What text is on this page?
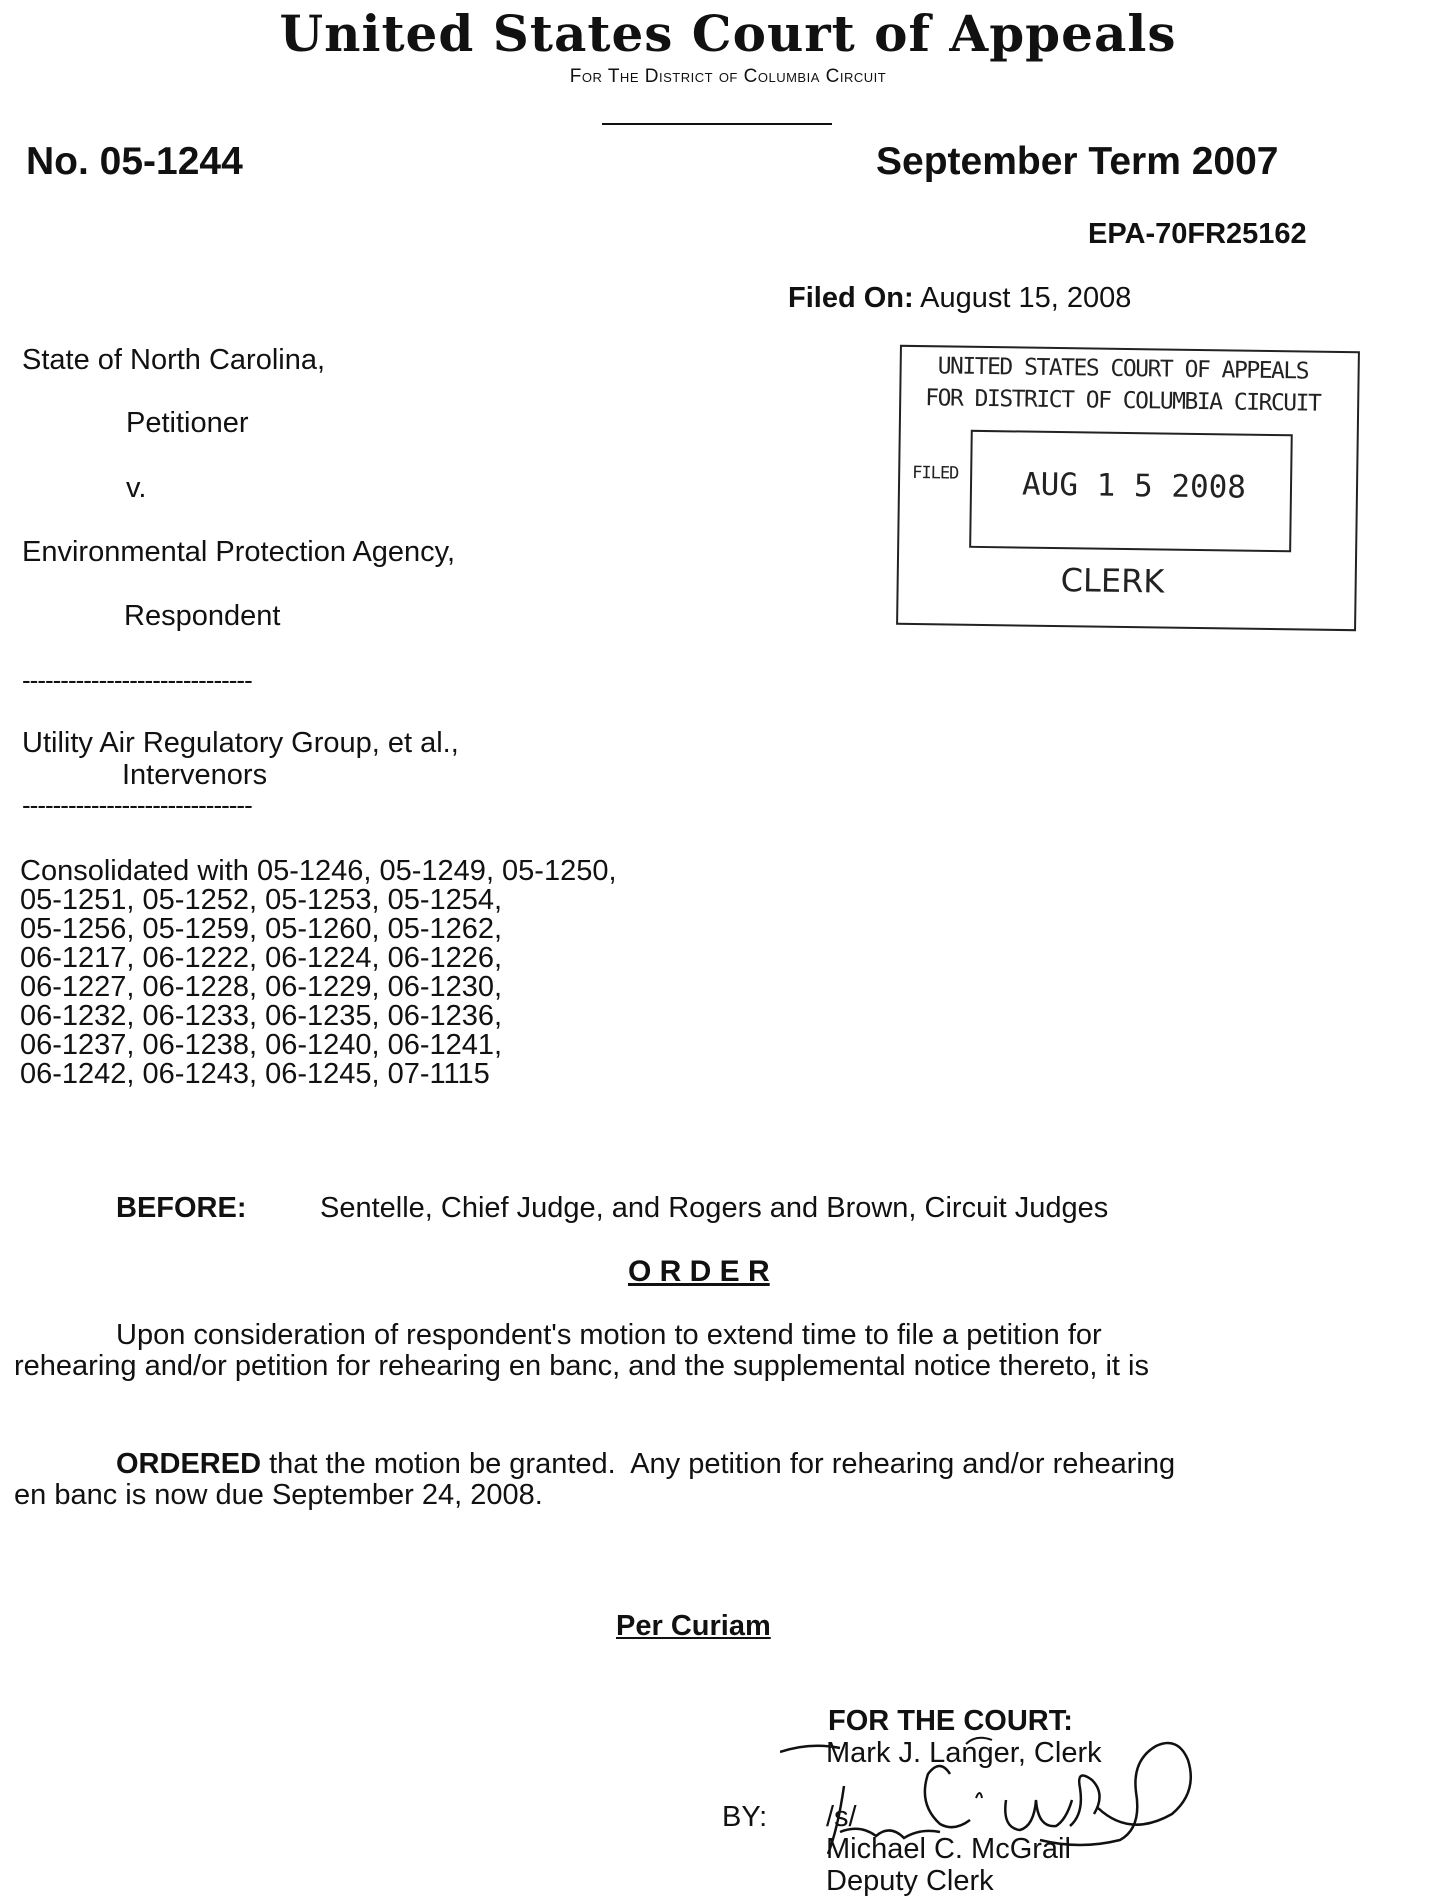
United States Court of Appeals
For The District of Columbia Circuit
No. 05-1244	September Term 2007
EPA-70FR25162
Filed On: August 15, 2008
UNITED STATES COURT OF APPEALS
FOR DISTRICT OF COLUMBIA CIRCUIT
FILED AUG 1 5 2008
CLERK
State of North Carolina,
Petitioner
v.
Environmental Protection Agency,
Respondent
------------------------------
Utility Air Regulatory Group, et al.,
Intervenors
------------------------------
Consolidated with 05-1246, 05-1249, 05-1250,
05-1251, 05-1252, 05-1253, 05-1254,
05-1256, 05-1259, 05-1260, 05-1262,
06-1217, 06-1222, 06-1224, 06-1226,
06-1227, 06-1228, 06-1229, 06-1230,
06-1232, 06-1233, 06-1235, 06-1236,
06-1237, 06-1238, 06-1240, 06-1241,
06-1242, 06-1243, 06-1245, 07-1115
BEFORE:	Sentelle, Chief Judge, and Rogers and Brown, Circuit Judges
O R D E R
Upon consideration of respondent's motion to extend time to file a petition for
rehearing and/or petition for rehearing en banc, and the supplemental notice thereto, it is
ORDERED that the motion be granted.  Any petition for rehearing and/or rehearing
en banc is now due September 24, 2008.
Per Curiam
FOR THE COURT:
Mark J. Langer, Clerk
BY: /s/
Michael C. McGrail
Deputy Clerk
